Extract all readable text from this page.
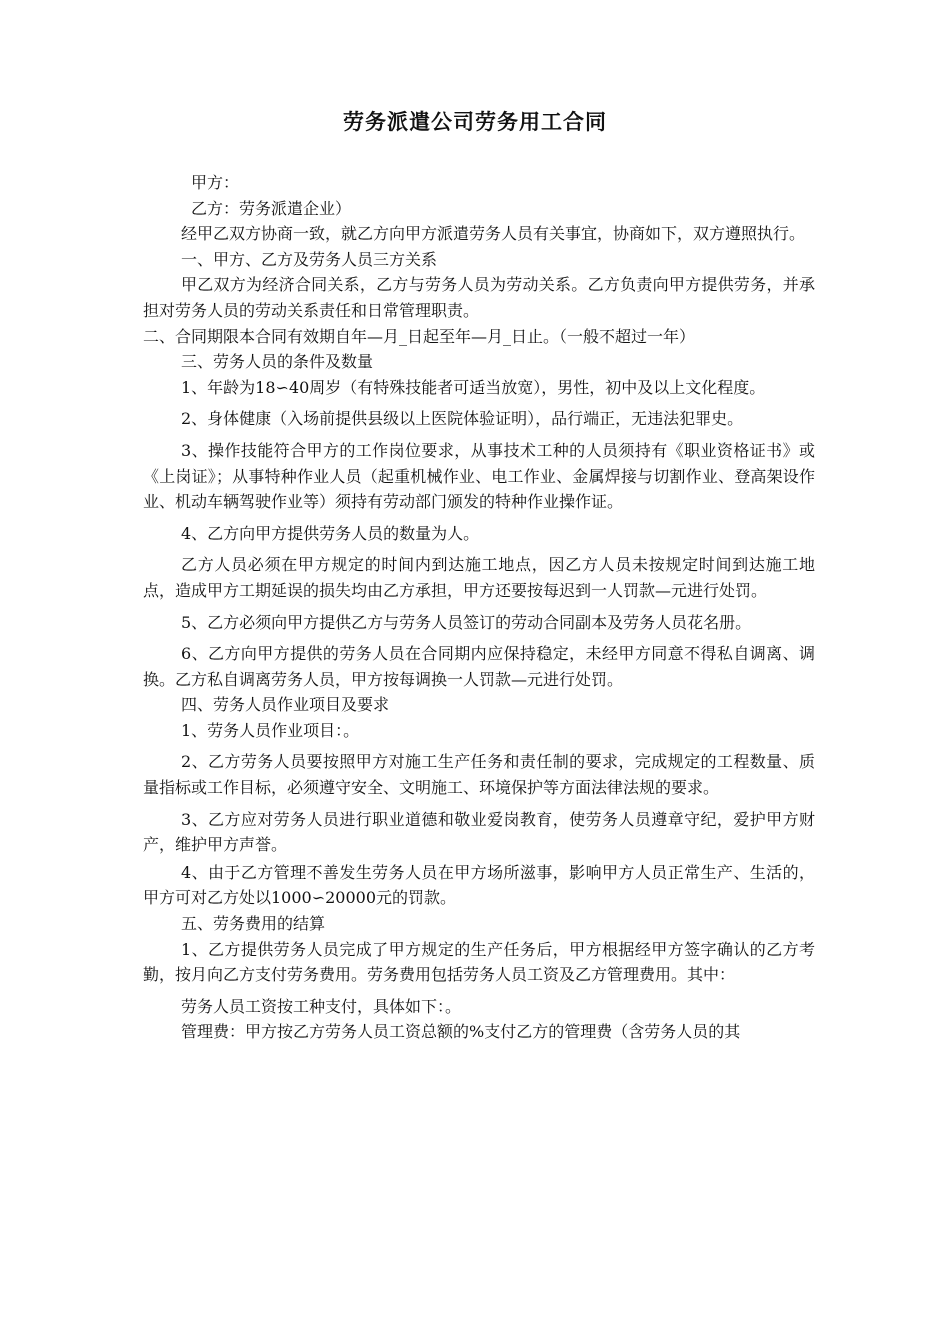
劳务派遣公司劳务用工合同

甲方：

乙方：劳务派遣企业）

经甲乙双方协商一致，就乙方向甲方派遣劳务人员有关事宜，协商如下，双方遵照执行。

一、甲方、乙方及劳务人员三方关系

甲乙双方为经济合同关系，乙方与劳务人员为劳动关系。乙方负责向甲方提供劳务，并承担对劳务人员的劳动关系责任和日常管理职责。

二、合同期限本合同有效期自年—月_日起至年—月_日止。（一般不超过一年）

三、劳务人员的条件及数量

1、年龄为18∽40周岁（有特殊技能者可适当放宽），男性，初中及以上文化程度。

2、身体健康（入场前提供县级以上医院体验证明），品行端正，无违法犯罪史。

3、操作技能符合甲方的工作岗位要求，从事技术工种的人员须持有《职业资格证书》或《上岗证》；从事特种作业人员（起重机械作业、电工作业、金属焊接与切割作业、登高架设作业、机动车辆驾驶作业等）须持有劳动部门颁发的特种作业操作证。

4、乙方向甲方提供劳务人员的数量为人。

乙方人员必须在甲方规定的时间内到达施工地点，因乙方人员未按规定时间到达施工地点，造成甲方工期延误的损失均由乙方承担，甲方还要按每迟到一人罚款—元进行处罚。

5、乙方必须向甲方提供乙方与劳务人员签订的劳动合同副本及劳务人员花名册。

6、乙方向甲方提供的劳务人员在合同期内应保持稳定，未经甲方同意不得私自调离、调换。乙方私自调离劳务人员，甲方按每调换一人罚款—元进行处罚。

四、劳务人员作业项目及要求

1、劳务人员作业项目：。

2、乙方劳务人员要按照甲方对施工生产任务和责任制的要求，完成规定的工程数量、质量指标或工作目标，必须遵守安全、文明施工、环境保护等方面法律法规的要求。

3、乙方应对劳务人员进行职业道德和敬业爱岗教育，使劳务人员遵章守纪，爱护甲方财产，维护甲方声誉。

4、由于乙方管理不善发生劳务人员在甲方场所滋事，影响甲方人员正常生产、生活的，甲方可对乙方处以1000∽20000元的罚款。

五、劳务费用的结算

1、乙方提供劳务人员完成了甲方规定的生产任务后，甲方根据经甲方签字确认的乙方考勤，按月向乙方支付劳务费用。劳务费用包括劳务人员工资及乙方管理费用。其中：

劳务人员工资按工种支付，具体如下：。

管理费：甲方按乙方劳务人员工资总额的%支付乙方的管理费（含劳务人员的其
